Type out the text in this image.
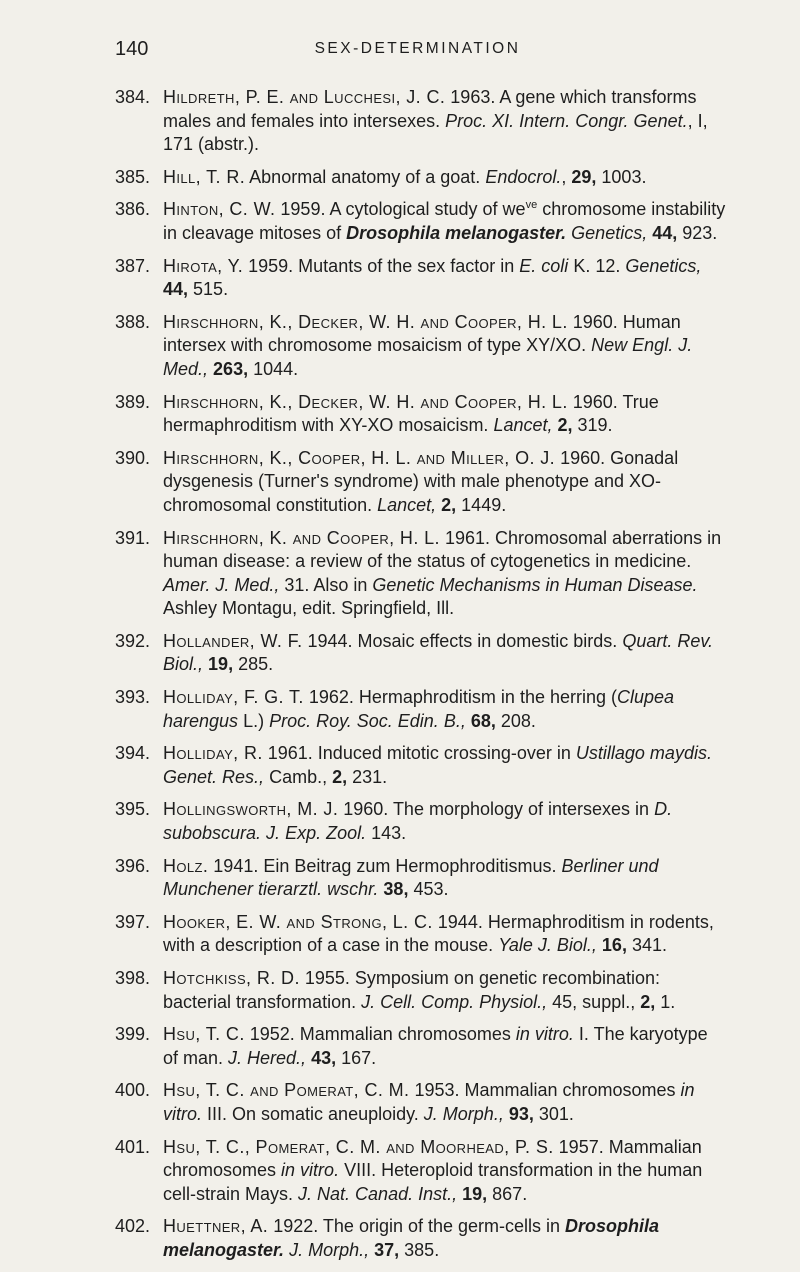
140	SEX-DETERMINATION
384. Hildreth, P. E. and Lucchesi, J. C. 1963. A gene which transforms males and females into intersexes. Proc. XI. Intern. Congr. Genet., I, 171 (abstr.).
385. Hill, T. R. Abnormal anatomy of a goat. Endocrol., 29, 1003.
386. Hinton, C. W. 1959. A cytological study of $we^{ve}$ chromosome instability in cleavage mitoses of Drosophila melanogaster. Genetics, 44, 923.
387. Hirota, Y. 1959. Mutants of the sex factor in E. coli K. 12. Genetics, 44, 515.
388. Hirschhorn, K., Decker, W. H. and Cooper, H. L. 1960. Human intersex with chromosome mosaicism of type XY/XO. New Engl. J. Med., 263, 1044.
389. Hirschhorn, K., Decker, W. H. and Cooper, H. L. 1960. True hermaphroditism with XY-XO mosaicism. Lancet, 2, 319.
390. Hirschhorn, K., Cooper, H. L. and Miller, O. J. 1960. Gonadal dysgenesis (Turner's syndrome) with male phenotype and XO-chromosomal constitution. Lancet, 2, 1449.
391. Hirschhorn, K. and Cooper, H. L. 1961. Chromosomal aberrations in human disease: a review of the status of cytogenetics in medicine. Amer. J. Med., 31. Also in Genetic Mechanisms in Human Disease. Ashley Montagu, edit. Springfield, Ill.
392. Hollander, W. F. 1944. Mosaic effects in domestic birds. Quart. Rev. Biol., 19, 285.
393. Holliday, F. G. T. 1962. Hermaphroditism in the herring (Clupea harengus L.) Proc. Roy. Soc. Edin. B., 68, 208.
394. Holliday, R. 1961. Induced mitotic crossing-over in Ustillago maydis. Genet. Res., Camb., 2, 231.
395. Hollingsworth, M. J. 1960. The morphology of intersexes in D. subobscura. J. Exp. Zool. 143.
396. Holz. 1941. Ein Beitrag zum Hermophroditismus. Berliner und Munchener tierarztl. wschr. 38, 453.
397. Hooker, E. W. and Strong, L. C. 1944. Hermaphroditism in rodents, with a description of a case in the mouse. Yale J. Biol., 16, 341.
398. Hotchkiss, R. D. 1955. Symposium on genetic recombination: bacterial transformation. J. Cell. Comp. Physiol., 45, suppl., 2, 1.
399. Hsu, T. C. 1952. Mammalian chromosomes in vitro. I. The karyotype of man. J. Hered., 43, 167.
400. Hsu, T. C. and Pomerat, C. M. 1953. Mammalian chromosomes in vitro. III. On somatic aneuploidy. J. Morph., 93, 301.
401. Hsu, T. C., Pomerat, C. M. and Moorhead, P. S. 1957. Mammalian chromosomes in vitro. VIII. Heteroploid transformation in the human cell-strain Mays. J. Nat. Canad. Inst., 19, 867.
402. Huettner, A. 1922. The origin of the germ-cells in Drosophila melanogaster. J. Morph., 37, 385.
